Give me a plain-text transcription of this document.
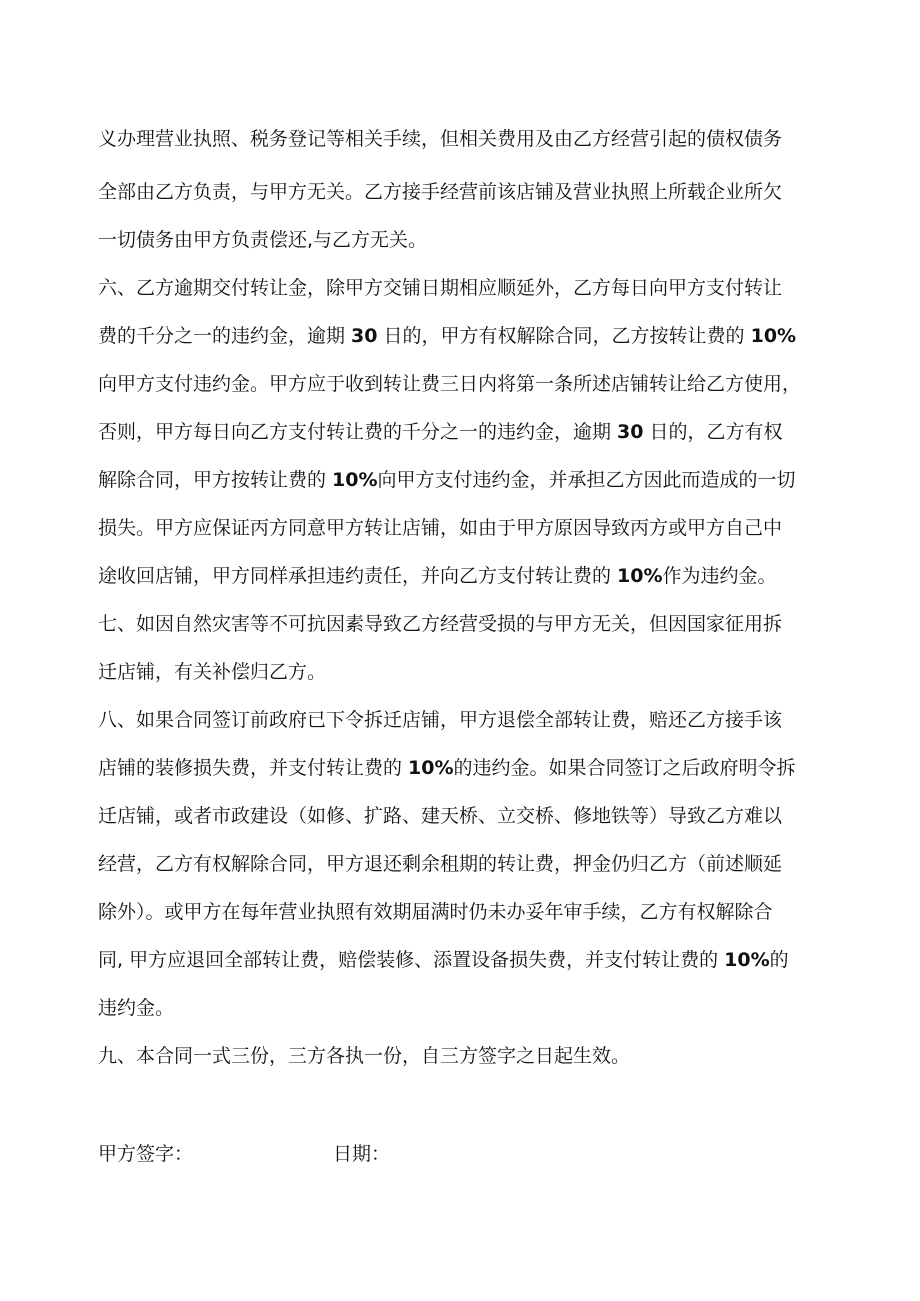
义办理营业执照、税务登记等相关手续，但相关费用及由乙方经营引起的债权债务
全部由乙方负责，与甲方无关。乙方接手经营前该店铺及营业执照上所载企业所欠
一切债务由甲方负责偿还,与乙方无关。
六、乙方逾期交付转让金，除甲方交铺日期相应顺延外，乙方每日向甲方支付转让
费的千分之一的违约金，逾期 30 日的，甲方有权解除合同，乙方按转让费的 10%
向甲方支付违约金。甲方应于收到转让费三日内将第一条所述店铺转让给乙方使用，
否则，甲方每日向乙方支付转让费的千分之一的违约金，逾期 30 日的，乙方有权
解除合同，甲方按转让费的 10%向甲方支付违约金，并承担乙方因此而造成的一切
损失。甲方应保证丙方同意甲方转让店铺，如由于甲方原因导致丙方或甲方自己中
途收回店铺，甲方同样承担违约责任，并向乙方支付转让费的 10%作为违约金。
七、如因自然灾害等不可抗因素导致乙方经营受损的与甲方无关，但因国家征用拆
迁店铺，有关补偿归乙方。
八、如果合同签订前政府已下令拆迁店铺，甲方退偿全部转让费，赔还乙方接手该
店铺的装修损失费，并支付转让费的 10%的违约金。如果合同签订之后政府明令拆
迁店铺，或者市政建设（如修、扩路、建天桥、立交桥、修地铁等）导致乙方难以
经营，乙方有权解除合同，甲方退还剩余租期的转让费，押金仍归乙方（前述顺延
除外）。或甲方在每年营业执照有效期届满时仍未办妥年审手续，乙方有权解除合
同, 甲方应退回全部转让费，赔偿装修、添置设备损失费，并支付转让费的 10%的
违约金。
九、本合同一式三份，三方各执一份，自三方签字之日起生效。
甲方签字：	日期：
